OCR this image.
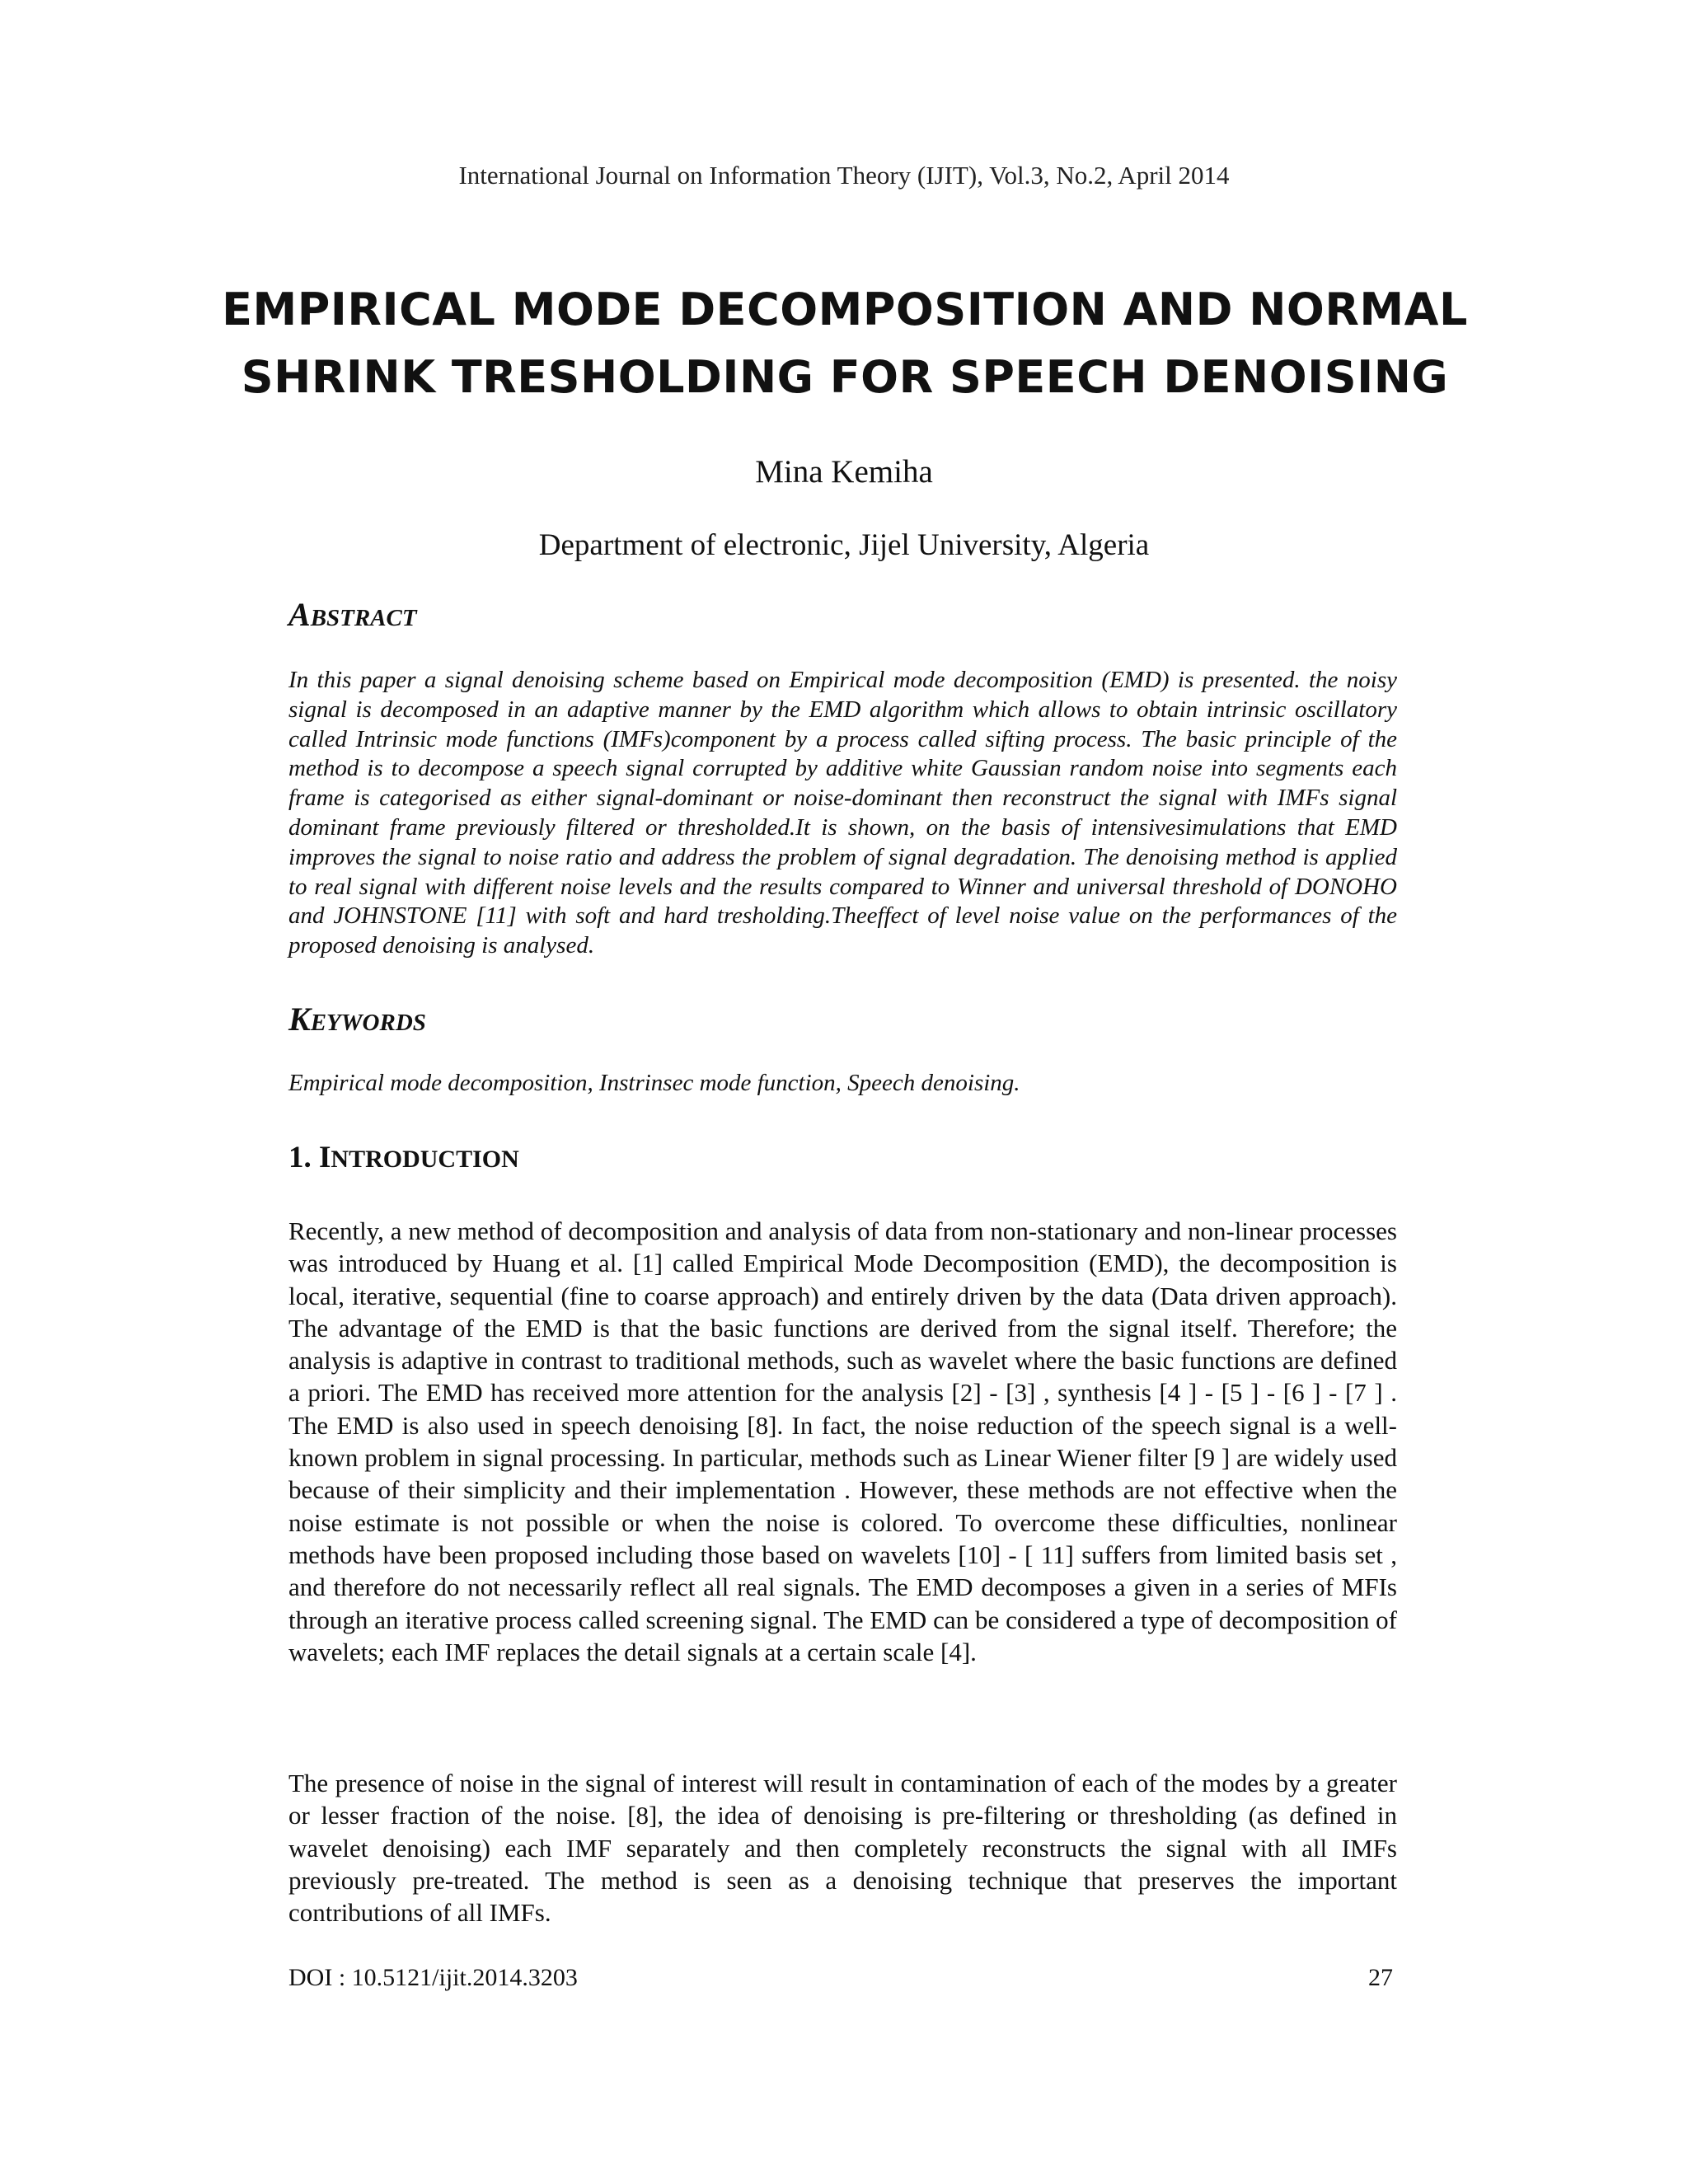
International Journal on Information Theory (IJIT), Vol.3, No.2, April 2014
EMPIRICAL MODE DECOMPOSITION AND NORMAL
SHRINK TRESHOLDING FOR SPEECH DENOISING
Mina Kemiha
Department of electronic, Jijel University, Algeria
ABSTRACT
In this paper a signal denoising scheme based on Empirical mode decomposition (EMD) is presented. the noisy signal is decomposed in an adaptive manner by the EMD algorithm which allows to obtain intrinsic oscillatory called Intrinsic mode functions (IMFs)component by a process called sifting process. The basic principle of the method is to decompose a speech signal corrupted by additive white Gaussian random noise into segments each frame is categorised as either signal-dominant or noise-dominant then reconstruct the signal with IMFs signal dominant frame previously filtered or thresholded.It is shown, on the basis of intensivesimulations that EMD improves the signal to noise ratio and address the problem of signal degradation. The denoising method is applied to real signal with different noise levels and the results compared to Winner and universal threshold of DONOHO and JOHNSTONE [11] with soft and hard tresholding.Theeffect of level noise value on the performances of the proposed denoising is analysed.
KEYWORDS
Empirical mode decomposition, Instrinsec mode function, Speech denoising.
1. INTRODUCTION
Recently, a new method of decomposition and analysis of data from non-stationary and non-linear processes was introduced by Huang et al. [1] called Empirical Mode Decomposition (EMD), the decomposition is local, iterative, sequential (fine to coarse approach) and entirely driven by the data (Data driven approach). The advantage of the EMD is that the basic functions are derived from the signal itself. Therefore; the analysis is adaptive in contrast to traditional methods, such as wavelet where the basic functions are defined a priori. The EMD has received more attention for the analysis [2] - [3] , synthesis [4 ] - [5 ] - [6 ] - [7 ] . The EMD is also used in speech denoising [8]. In fact, the noise reduction of the speech signal is a well-known problem in signal processing. In particular, methods such as Linear Wiener filter [9 ] are widely used because of their simplicity and their implementation . However, these methods are not effective when the noise estimate is not possible or when the noise is colored. To overcome these difficulties, nonlinear methods have been proposed including those based on wavelets [10] - [ 11] suffers from limited basis set , and therefore do not necessarily reflect all real signals. The EMD decomposes a given in a series of MFIs through an iterative process called screening signal. The EMD can be considered a type of decomposition of wavelets; each IMF replaces the detail signals at a certain scale [4].
The presence of noise in the signal of interest will result in contamination of each of the modes by a greater or lesser fraction of the noise. [8], the idea of denoising is pre-filtering or thresholding (as defined in wavelet denoising) each IMF separately and then completely reconstructs the signal with all IMFs previously pre-treated. The method is seen as a denoising technique that preserves the important contributions of all IMFs.
DOI : 10.5121/ijit.2014.3203	27
